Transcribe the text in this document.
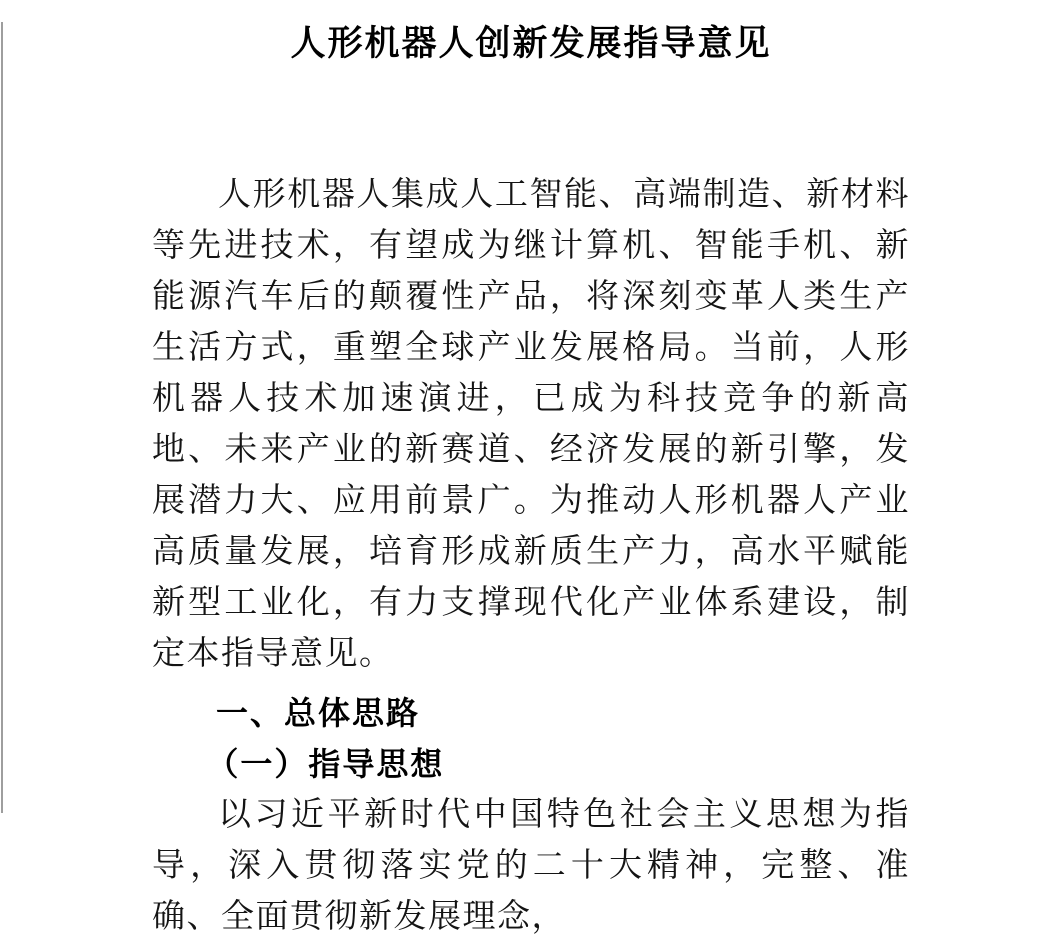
人形机器人创新发展指导意见

人形机器人集成人工智能、高端制造、新材料等先进技术，有望成为继计算机、智能手机、新能源汽车后的颠覆性产品，将深刻变革人类生产生活方式，重塑全球产业发展格局。当前，人形机器人技术加速演进，已成为科技竞争的新高地、未来产业的新赛道、经济发展的新引擎，发展潜力大、应用前景广。为推动人形机器人产业高质量发展，培育形成新质生产力，高水平赋能新型工业化，有力支撑现代化产业体系建设，制定本指导意见。

一、总体思路
（一）指导思想

以习近平新时代中国特色社会主义思想为指导，深入贯彻落实党的二十大精神，完整、准确、全面贯彻新发展理念，
